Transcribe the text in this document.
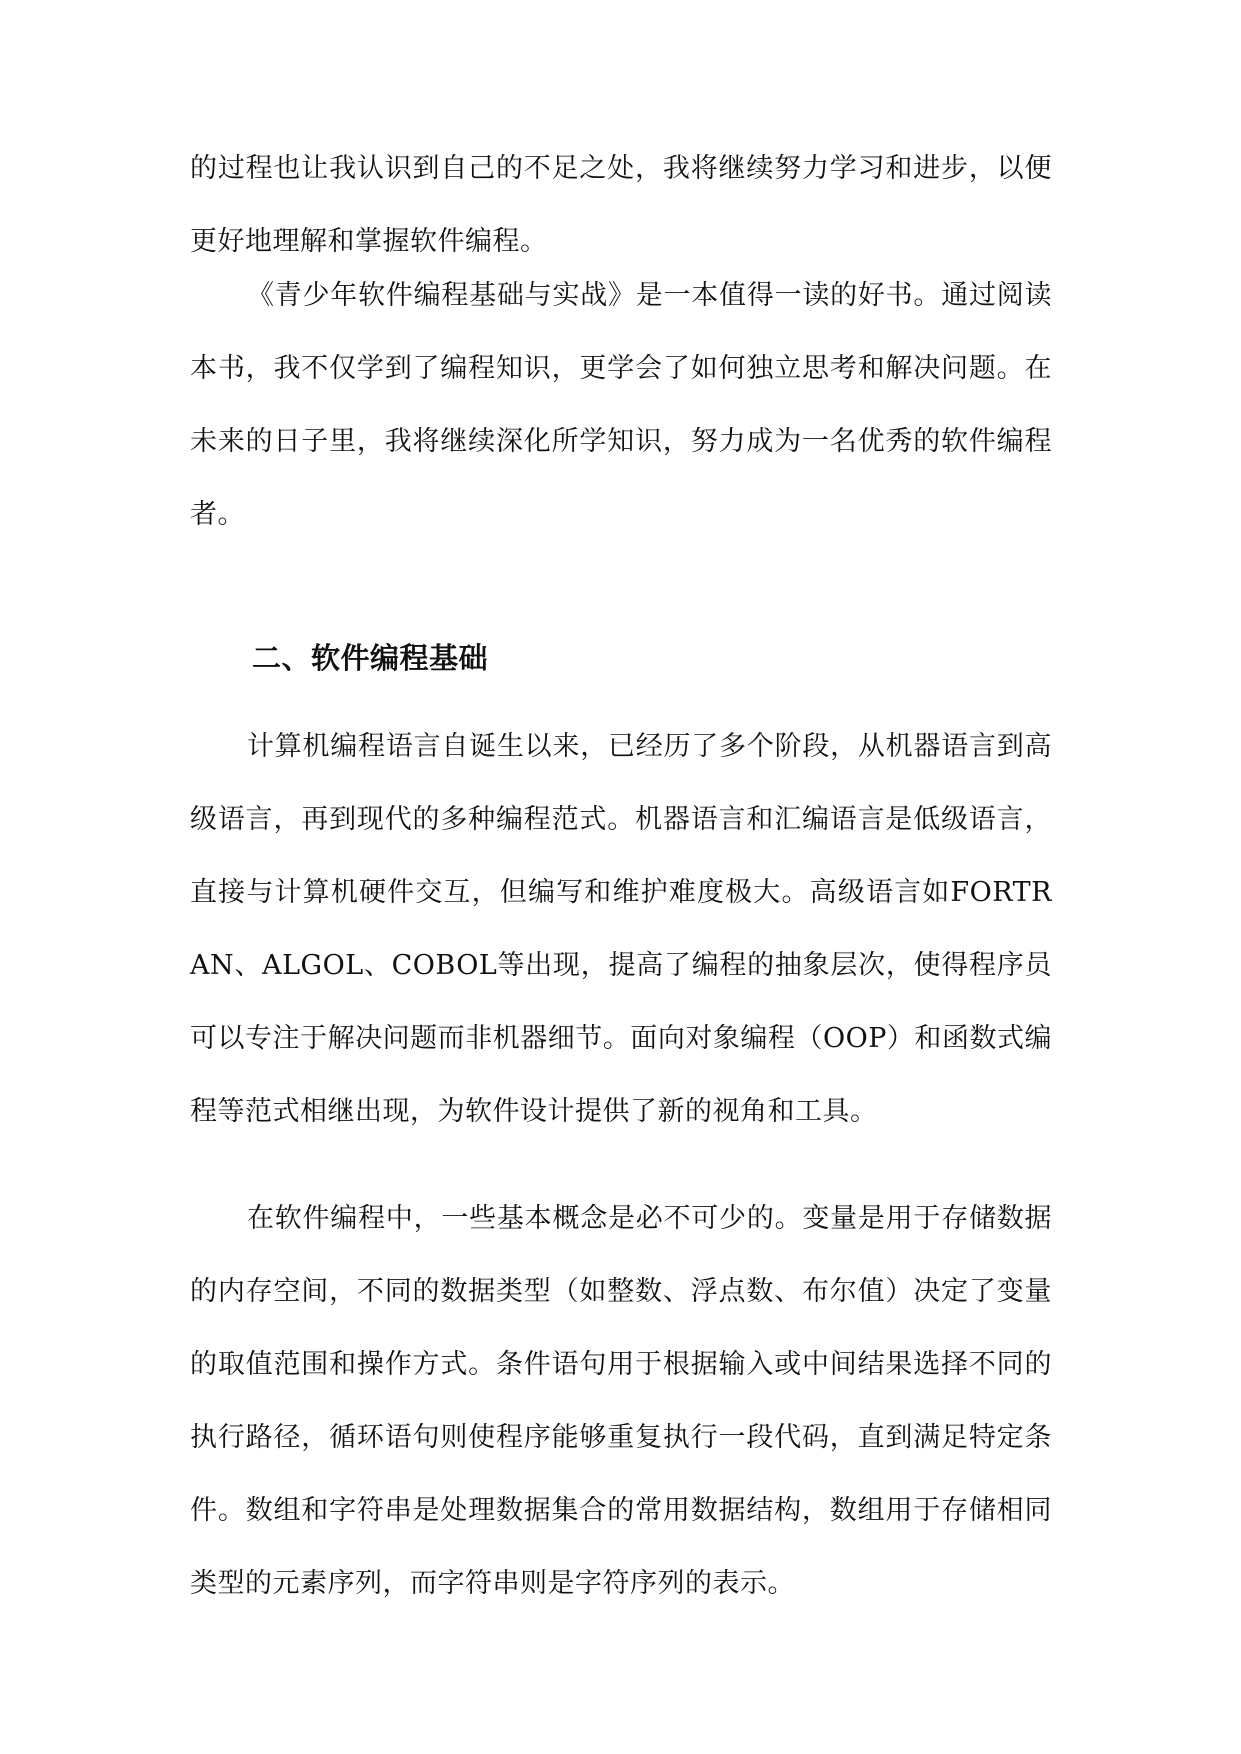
的过程也让我认识到自己的不足之处，我将继续努力学习和进步，以便更好地理解和掌握软件编程。

《青少年软件编程基础与实战》是一本值得一读的好书。通过阅读本书，我不仅学到了编程知识，更学会了如何独立思考和解决问题。在未来的日子里，我将继续深化所学知识，努力成为一名优秀的软件编程者。

二、软件编程基础

计算机编程语言自诞生以来，已经历了多个阶段，从机器语言到高级语言，再到现代的多种编程范式。机器语言和汇编语言是低级语言，直接与计算机硬件交互，但编写和维护难度极大。高级语言如FORTRAN、ALGOL、COBOL等出现，提高了编程的抽象层次，使得程序员可以专注于解决问题而非机器细节。面向对象编程（OOP）和函数式编程等范式相继出现，为软件设计提供了新的视角和工具。

在软件编程中，一些基本概念是必不可少的。变量是用于存储数据的内存空间，不同的数据类型（如整数、浮点数、布尔值）决定了变量的取值范围和操作方式。条件语句用于根据输入或中间结果选择不同的执行路径，循环语句则使程序能够重复执行一段代码，直到满足特定条件。数组和字符串是处理数据集合的常用数据结构，数组用于存储相同类型的元素序列，而字符串则是字符序列的表示。
